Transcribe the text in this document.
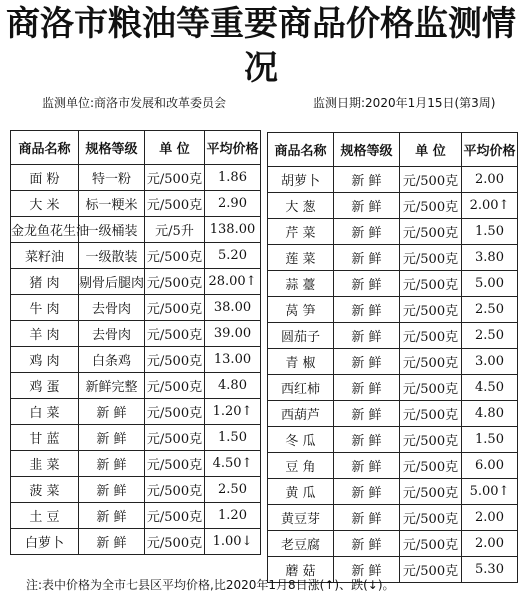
商洛市粮油等重要商品价格监测情况
监测单位:商洛市发展和改革委员会	监测日期:2020年1月15日(第3周)
商品名称	规格等级	单 位	平均价格
面 粉	特一粉	元/500克	1.86
大 米	标一粳米	元/500克	2.90
金龙鱼花生油	一级桶装	元/5升	138.00
菜籽油	一级散装	元/500克	5.20
猪 肉	剔骨后腿肉	元/500克	28.00↑
牛 肉	去骨肉	元/500克	38.00
羊 肉	去骨肉	元/500克	39.00
鸡 肉	白条鸡	元/500克	13.00
鸡 蛋	新鲜完整	元/500克	4.80
白 菜	新 鲜	元/500克	1.20↑
甘 蓝	新 鲜	元/500克	1.50
韭 菜	新 鲜	元/500克	4.50↑
菠 菜	新 鲜	元/500克	2.50
土 豆	新 鲜	元/500克	1.20
白萝卜	新 鲜	元/500克	1.00↓
商品名称	规格等级	单 位	平均价格
胡萝卜	新 鲜	元/500克	2.00
大 葱	新 鲜	元/500克	2.00↑
芹 菜	新 鲜	元/500克	1.50
莲 菜	新 鲜	元/500克	3.80
蒜 薹	新 鲜	元/500克	5.00
莴 笋	新 鲜	元/500克	2.50
圆茄子	新 鲜	元/500克	2.50
青 椒	新 鲜	元/500克	3.00
西红柿	新 鲜	元/500克	4.50
西葫芦	新 鲜	元/500克	4.80
冬 瓜	新 鲜	元/500克	1.50
豆 角	新 鲜	元/500克	6.00
黄 瓜	新 鲜	元/500克	5.00↑
黄豆芽	新 鲜	元/500克	2.00
老豆腐	新 鲜	元/500克	2.00
蘑 菇	新 鲜	元/500克	5.30
注:表中价格为全市七县区平均价格,比2020年1月8日涨(↑)、跌(↓)。
